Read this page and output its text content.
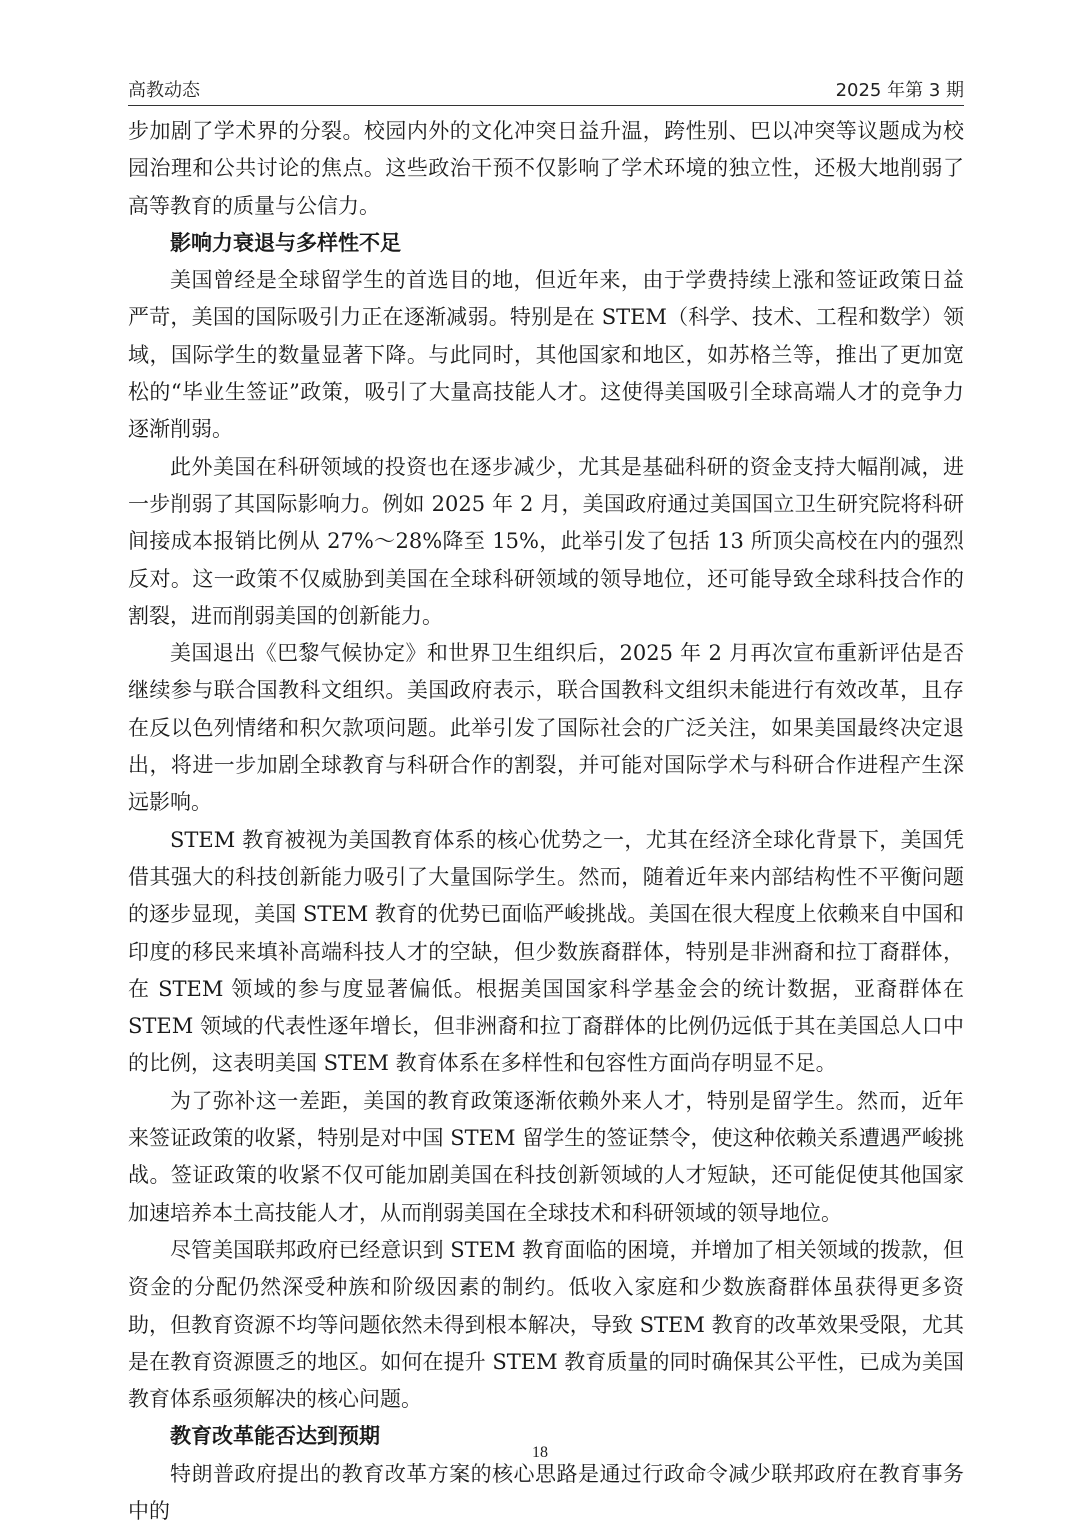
高教动态	2025 年第 3 期

步加剧了学术界的分裂。校园内外的文化冲突日益升温，跨性别、巴以冲突等议题成为校园治理和公共讨论的焦点。这些政治干预不仅影响了学术环境的独立性，还极大地削弱了高等教育的质量与公信力。

影响力衰退与多样性不足

美国曾经是全球留学生的首选目的地，但近年来，由于学费持续上涨和签证政策日益严苛，美国的国际吸引力正在逐渐减弱。特别是在 STEM（科学、技术、工程和数学）领域，国际学生的数量显著下降。与此同时，其他国家和地区，如苏格兰等，推出了更加宽松的“毕业生签证”政策，吸引了大量高技能人才。这使得美国吸引全球高端人才的竞争力逐渐削弱。

此外美国在科研领域的投资也在逐步减少，尤其是基础科研的资金支持大幅削减，进一步削弱了其国际影响力。例如 2025 年 2 月，美国政府通过美国国立卫生研究院将科研间接成本报销比例从 27%～28%降至 15%，此举引发了包括 13 所顶尖高校在内的强烈反对。这一政策不仅威胁到美国在全球科研领域的领导地位，还可能导致全球科技合作的割裂，进而削弱美国的创新能力。

美国退出《巴黎气候协定》和世界卫生组织后，2025 年 2 月再次宣布重新评估是否继续参与联合国教科文组织。美国政府表示，联合国教科文组织未能进行有效改革，且存在反以色列情绪和积欠款项问题。此举引发了国际社会的广泛关注，如果美国最终决定退出，将进一步加剧全球教育与科研合作的割裂，并可能对国际学术与科研合作进程产生深远影响。

STEM 教育被视为美国教育体系的核心优势之一，尤其在经济全球化背景下，美国凭借其强大的科技创新能力吸引了大量国际学生。然而，随着近年来内部结构性不平衡问题的逐步显现，美国 STEM 教育的优势已面临严峻挑战。美国在很大程度上依赖来自中国和印度的移民来填补高端科技人才的空缺，但少数族裔群体，特别是非洲裔和拉丁裔群体，在 STEM 领域的参与度显著偏低。根据美国国家科学基金会的统计数据，亚裔群体在 STEM 领域的代表性逐年增长，但非洲裔和拉丁裔群体的比例仍远低于其在美国总人口中的比例，这表明美国 STEM 教育体系在多样性和包容性方面尚存明显不足。

为了弥补这一差距，美国的教育政策逐渐依赖外来人才，特别是留学生。然而，近年来签证政策的收紧，特别是对中国 STEM 留学生的签证禁令，使这种依赖关系遭遇严峻挑战。签证政策的收紧不仅可能加剧美国在科技创新领域的人才短缺，还可能促使其他国家加速培养本土高技能人才，从而削弱美国在全球技术和科研领域的领导地位。

尽管美国联邦政府已经意识到 STEM 教育面临的困境，并增加了相关领域的拨款，但资金的分配仍然深受种族和阶级因素的制约。低收入家庭和少数族裔群体虽获得更多资助，但教育资源不均等问题依然未得到根本解决，导致 STEM 教育的改革效果受限，尤其是在教育资源匮乏的地区。如何在提升 STEM 教育质量的同时确保其公平性，已成为美国教育体系亟须解决的核心问题。

教育改革能否达到预期

特朗普政府提出的教育改革方案的核心思路是通过行政命令减少联邦政府在教育事务中的

18
